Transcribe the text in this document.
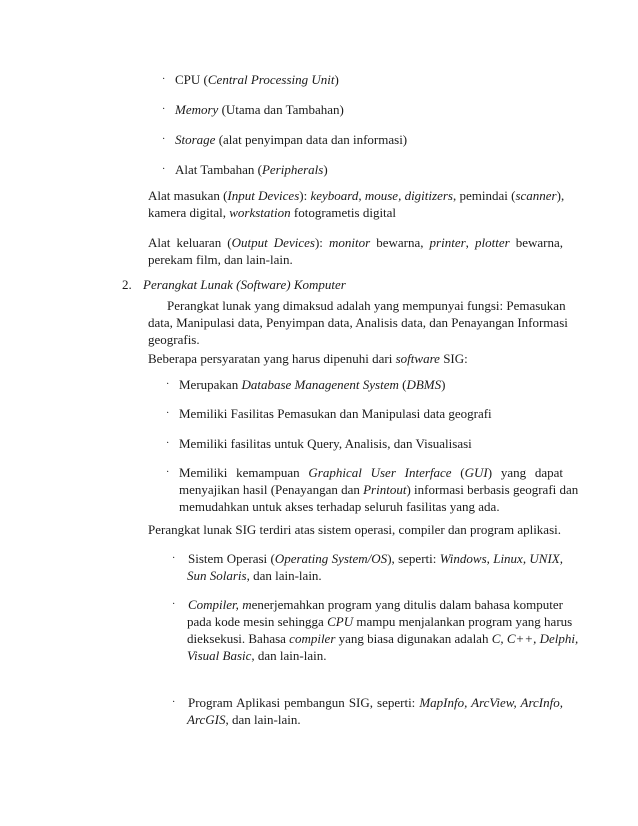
· CPU (Central Processing Unit)
· Memory (Utama dan Tambahan)
· Storage (alat penyimpan data dan informasi)
· Alat Tambahan (Peripherals)
Alat masukan (Input Devices): keyboard, mouse, digitizers, pemindai (scanner),
kamera digital, workstation fotogrametis digital
Alat keluaran (Output Devices): monitor bewarna, printer, plotter bewarna,
perekam film, dan lain-lain.
2. Perangkat Lunak (Software) Komputer
Perangkat lunak yang dimaksud adalah yang mempunyai fungsi: Pemasukan
data, Manipulasi data, Penyimpan data, Analisis data, dan Penayangan Informasi
geografis.
Beberapa persyaratan yang harus dipenuhi dari software SIG:
· Merupakan Database Managenent System (DBMS)
· Memiliki Fasilitas Pemasukan dan Manipulasi data geografi
· Memiliki fasilitas untuk Query, Analisis, dan Visualisasi
· Memiliki kemampuan Graphical User Interface (GUI) yang dapat
menyajikan hasil (Penayangan dan Printout) informasi berbasis geografi dan
memudahkan untuk akses terhadap seluruh fasilitas yang ada.
Perangkat lunak SIG terdiri atas sistem operasi, compiler dan program aplikasi.
· Sistem Operasi (Operating System/OS), seperti: Windows, Linux, UNIX,
Sun Solaris, dan lain-lain.
· Compiler, menerjemahkan program yang ditulis dalam bahasa komputer
pada kode mesin sehingga CPU mampu menjalankan program yang harus
dieksekusi. Bahasa compiler yang biasa digunakan adalah C, C++, Delphi,
Visual Basic, dan lain-lain.
· Program Aplikasi pembangun SIG, seperti: MapInfo, ArcView, ArcInfo,
ArcGIS, dan lain-lain.
